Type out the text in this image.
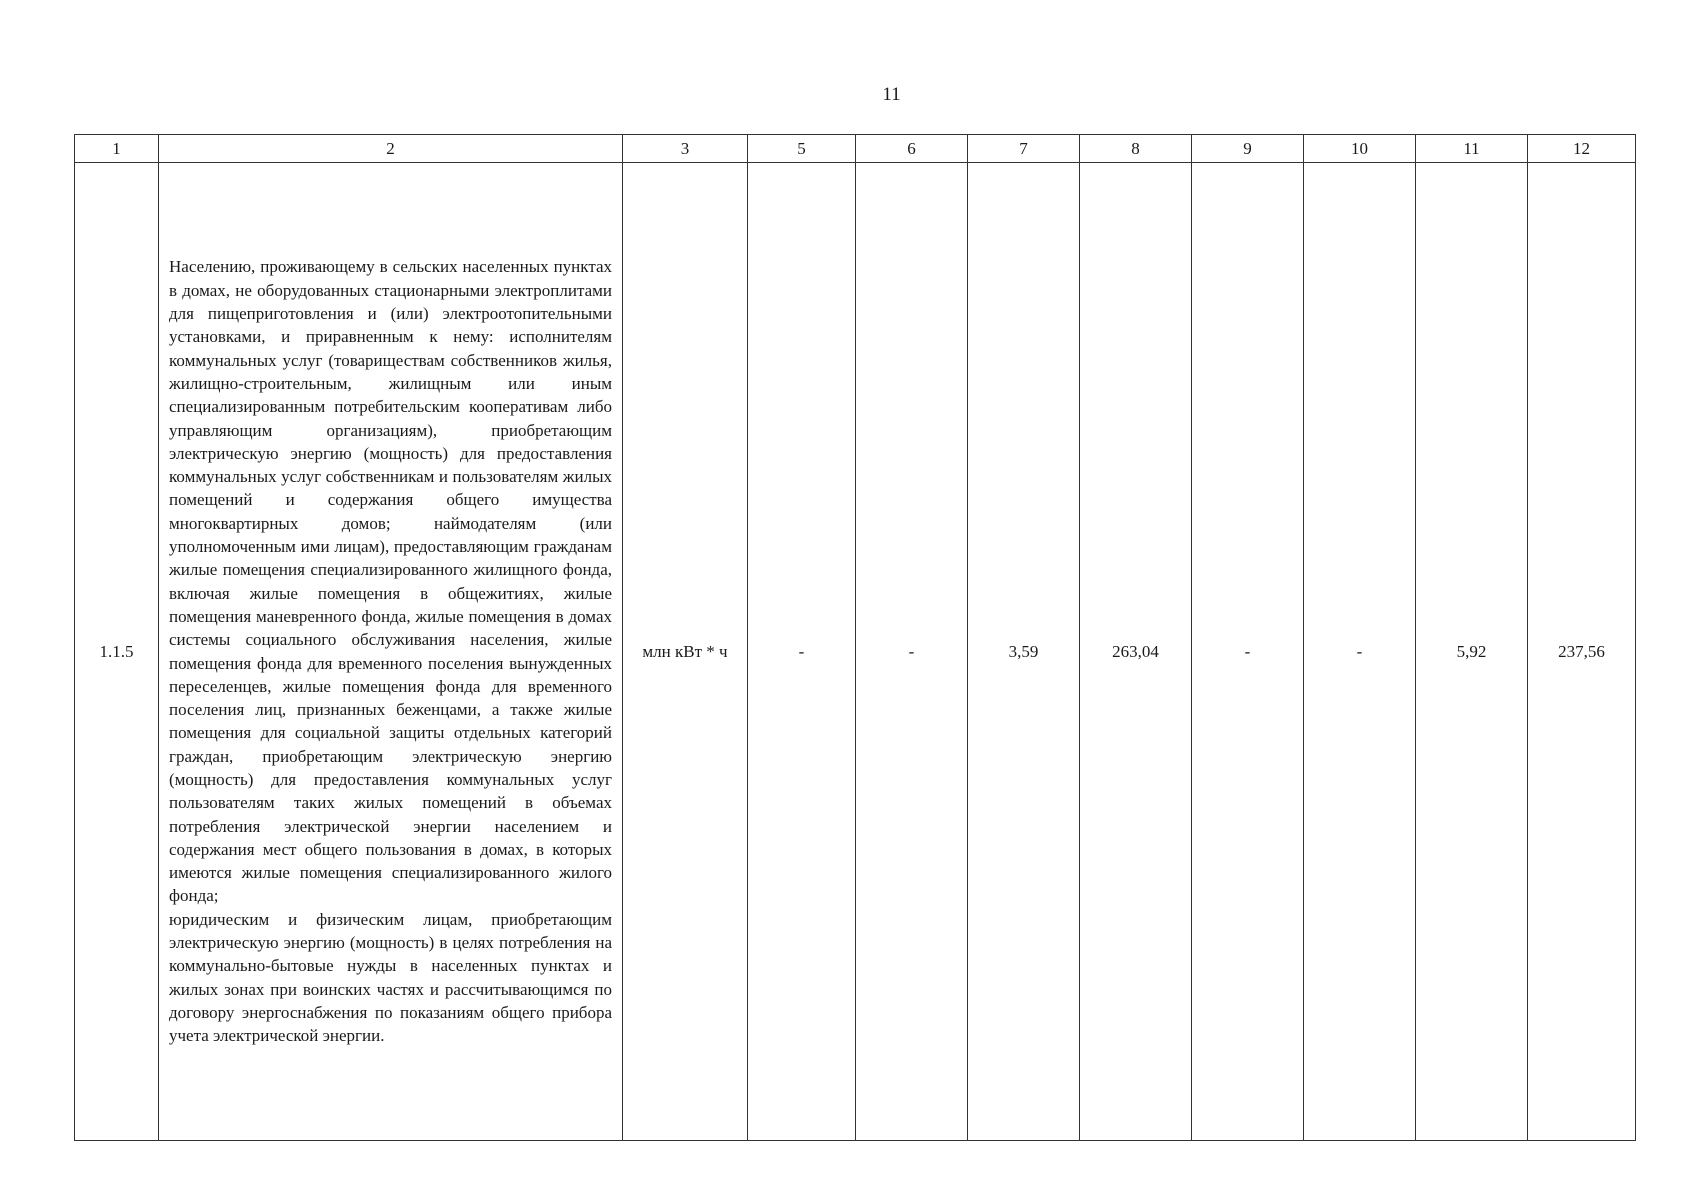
11
1	2	3	5	6	7	8	9	10	11	12
1.1.5	Населению, проживающему в сельских населенных пунктах в домах, не оборудованных стационарными электроплитами для пищеприготовления и (или) электроотопительными установками, и приравненным к нему: исполнителям коммунальных услуг (товариществам собственников жилья, жилищно-строительным, жилищным или иным специализированным потребительским кооперативам либо управляющим организациям), приобретающим электрическую энергию (мощность) для предоставления коммунальных услуг собственникам и пользователям жилых помещений и содержания общего имущества многоквартирных домов; наймодателям (или уполномоченным ими лицам), предоставляющим гражданам жилые помещения специализированного жилищного фонда, включая жилые помещения в общежитиях, жилые помещения маневренного фонда, жилые помещения в домах системы социального обслуживания населения, жилые помещения фонда для временного поселения вынужденных переселенцев, жилые помещения фонда для временного поселения лиц, признанных беженцами, а также жилые помещения для социальной защиты отдельных категорий граждан, приобретающим электрическую энергию (мощность) для предоставления коммунальных услуг пользователям таких жилых помещений в объемах потребления электрической энергии населением и содержания мест общего пользования в домах, в которых имеются жилые помещения специализированного жилого фонда;
юридическим и физическим лицам, приобретающим электрическую энергию (мощность) в целях потребления на коммунально-бытовые нужды в населенных пунктах и жилых зонах при воинских частях и рассчитывающимся по договору энергоснабжения по показаниям общего прибора учета электрической энергии.	млн кВт * ч	-	-	3,59	263,04	-	-	5,92	237,56
